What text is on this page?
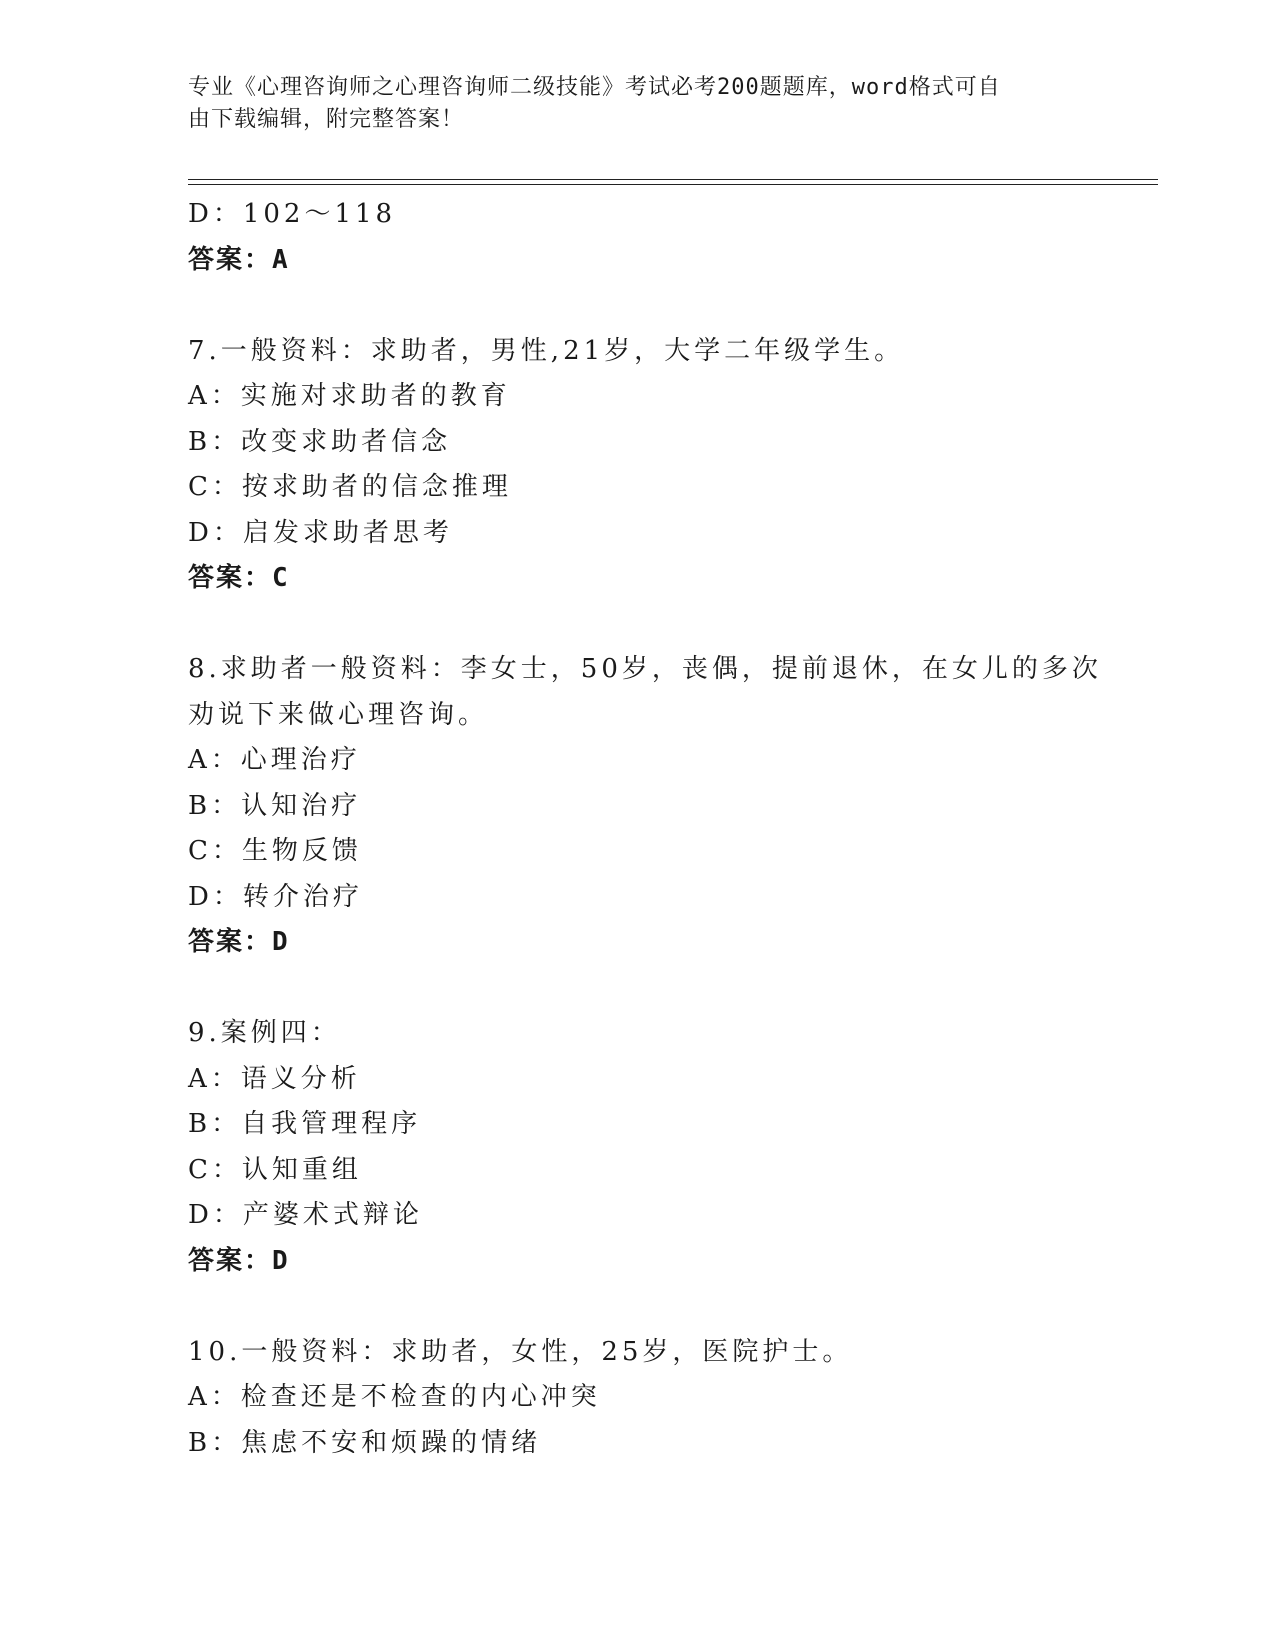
专业《心理咨询师之心理咨询师二级技能》考试必考200题题库，word格式可自
由下载编辑，附完整答案！
D：102～118
答案：A
7.一般资料：求助者，男性,21岁，大学二年级学生。
A：实施对求助者的教育
B：改变求助者信念
C：按求助者的信念推理
D：启发求助者思考
答案：C
8.求助者一般资料：李女士，50岁，丧偶，提前退休，在女儿的多次
劝说下来做心理咨询。
A：心理治疗
B：认知治疗
C：生物反馈
D：转介治疗
答案：D
9.案例四：
A：语义分析
B：自我管理程序
C：认知重组
D：产婆术式辩论
答案：D
10.一般资料：求助者，女性，25岁，医院护士。
A：检查还是不检查的内心冲突
B：焦虑不安和烦躁的情绪
